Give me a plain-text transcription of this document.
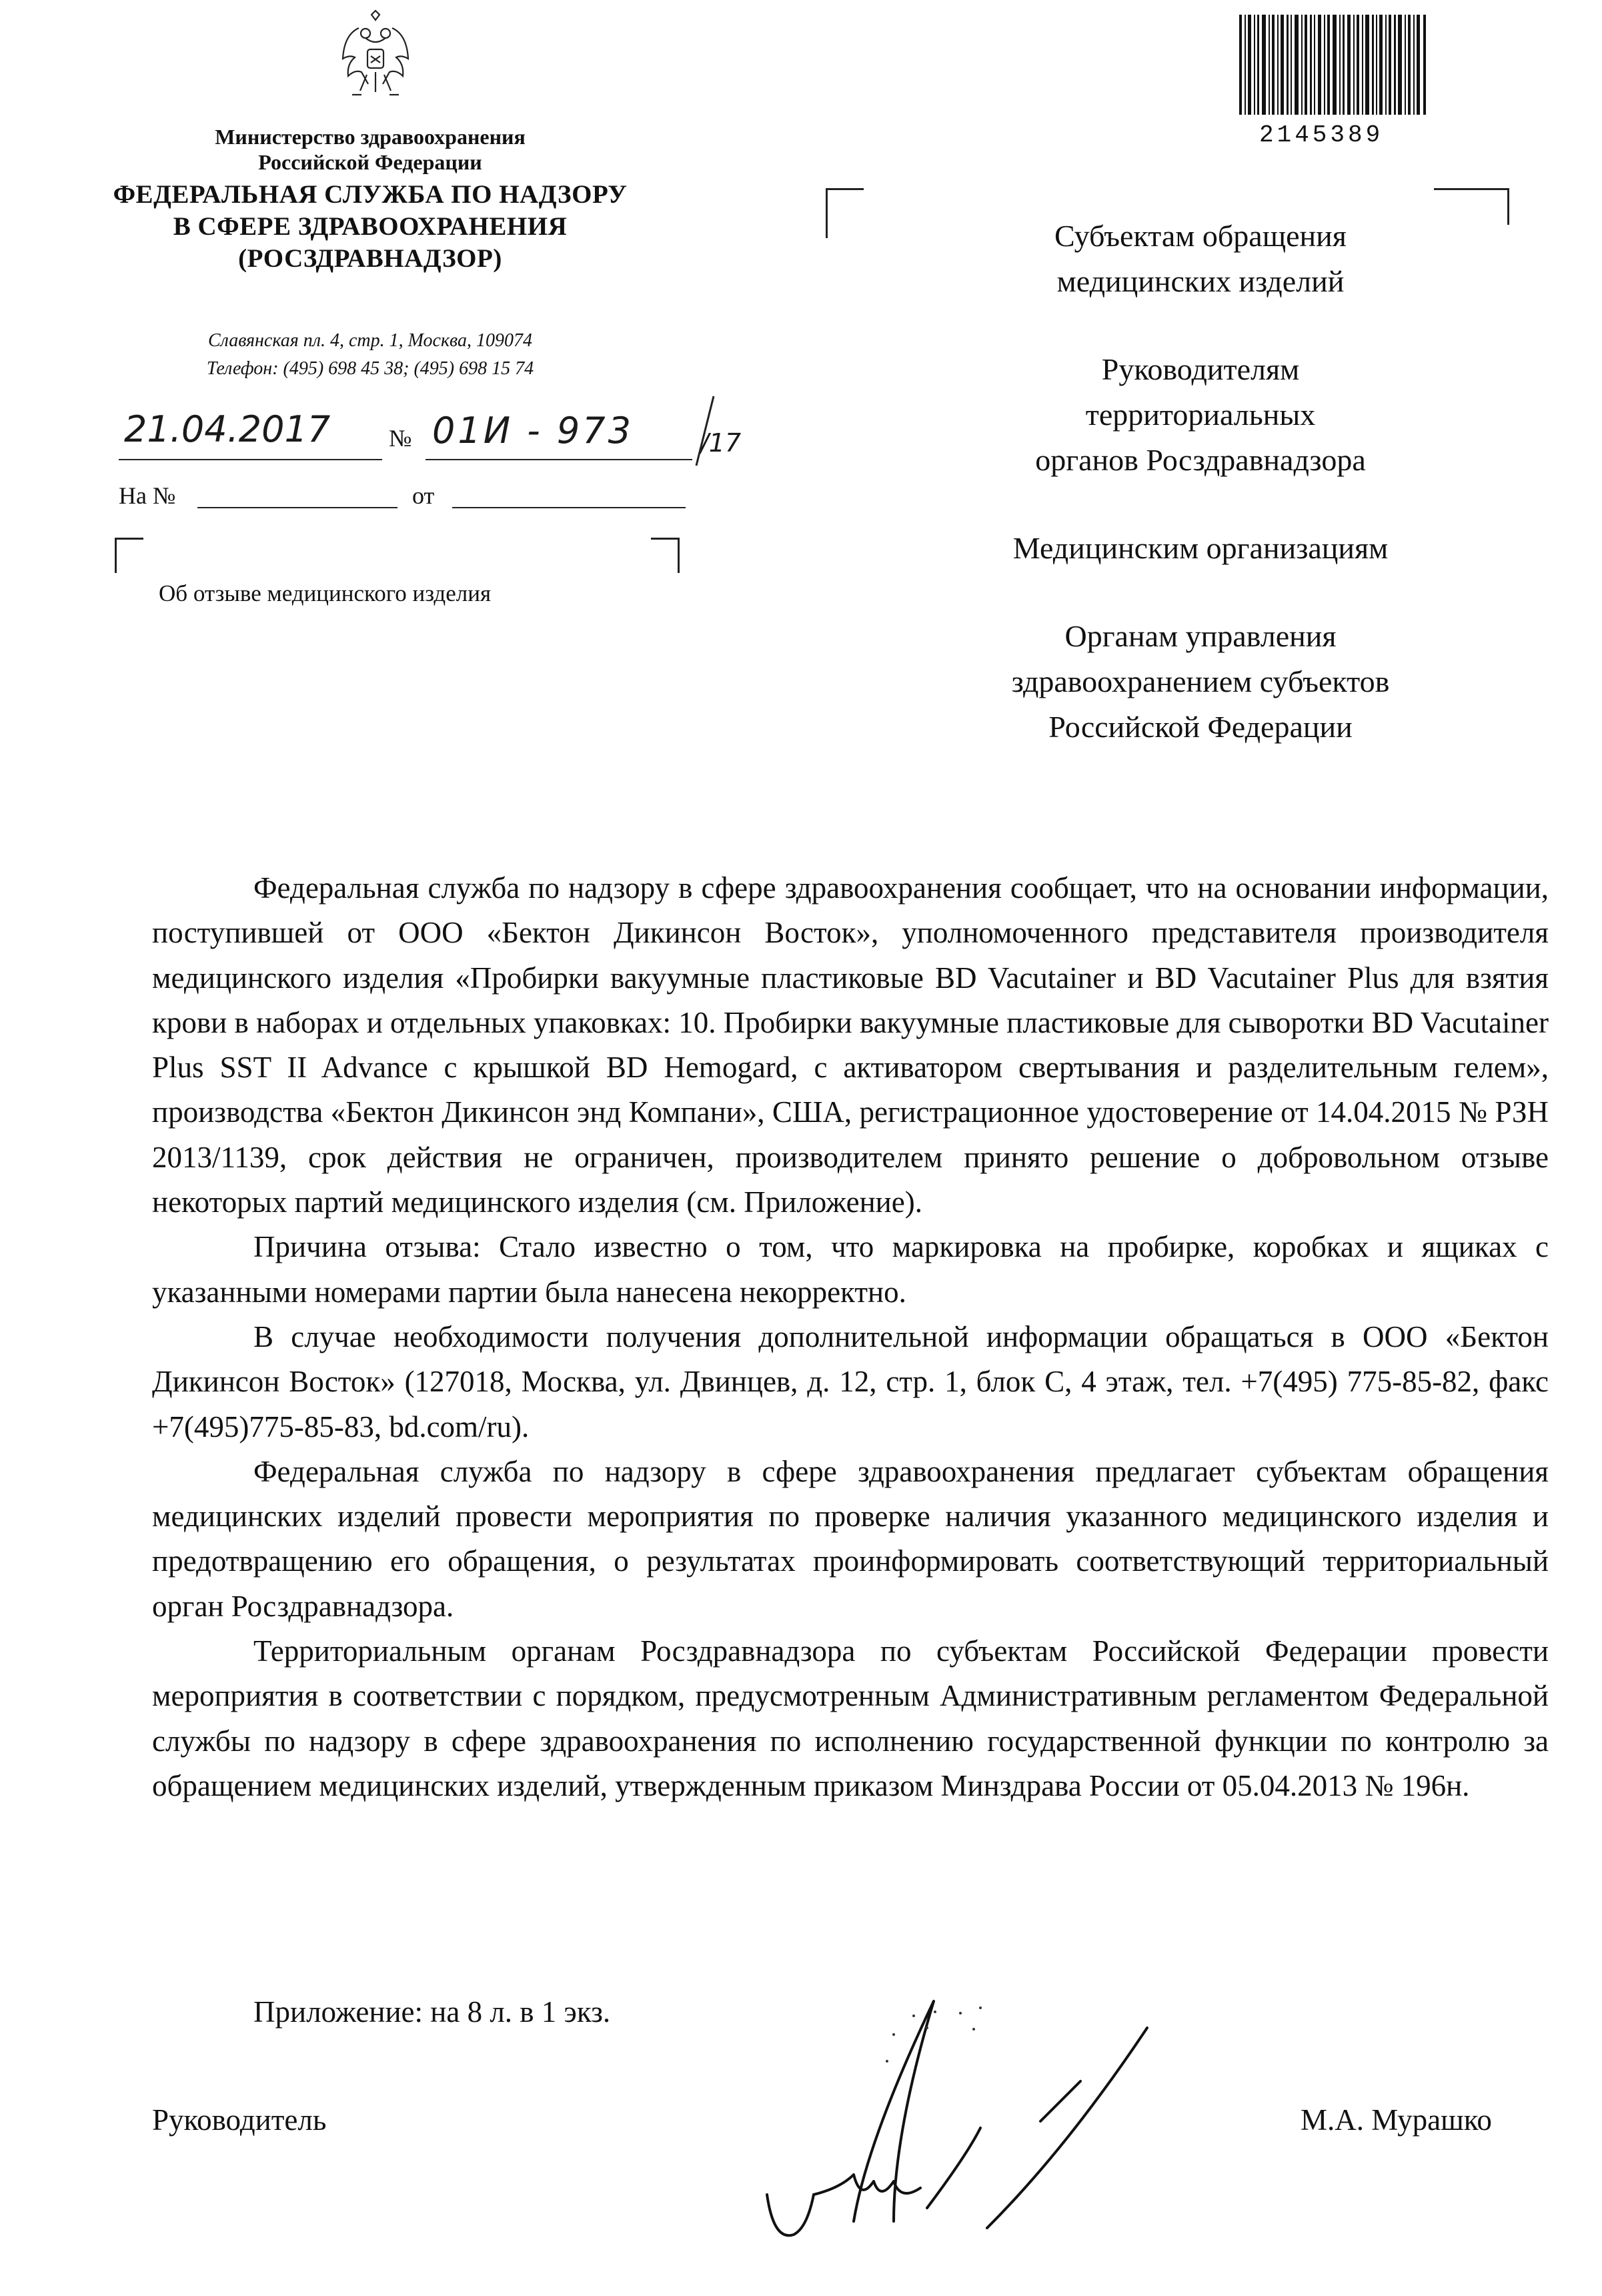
Министерство здравоохранения
Российской Федерации
ФЕДЕРАЛЬНАЯ СЛУЖБА ПО НАДЗОРУ
В СФЕРЕ ЗДРАВООХРАНЕНИЯ
(РОСЗДРАВНАДЗОР)
Славянская пл. 4, стр. 1, Москва, 109074
Телефон: (495) 698 45 38; (495) 698 15 74
21.04.2017 № 01И - 973	/17
На №	от
Об отзыве медицинского изделия
2145389

Субъектам обращения
медицинских изделий

Руководителям
территориальных
органов Росздравнадзора

Медицинским организациям

Органам управления
здравоохранением субъектов
Российской Федерации

Федеральная служба по надзору в сфере здравоохранения сообщает, что на основании информации, поступившей от ООО «Бектон Дикинсон Восток», уполномоченного представителя производителя медицинского изделия «Пробирки вакуумные пластиковые BD Vacutainer и BD Vacutainer Plus для взятия крови в наборах и отдельных упаковках: 10. Пробирки вакуумные пластиковые для сыворотки BD Vacutainer Plus SST II Advance с крышкой BD Hemogard, с активатором свертывания и разделительным гелем», производства «Бектон Дикинсон энд Компани», США, регистрационное удостоверение от 14.04.2015 № РЗН 2013/1139, срок действия не ограничен, производителем принято решение о добровольном отзыве некоторых партий медицинского изделия (см. Приложение).

Причина отзыва: Стало известно о том, что маркировка на пробирке, коробках и ящиках с указанными номерами партии была нанесена некорректно.

В случае необходимости получения дополнительной информации обращаться в ООО «Бектон Дикинсон Восток» (127018, Москва, ул. Двинцев, д. 12, стр. 1, блок С, 4 этаж, тел. +7(495) 775-85-82, факс +7(495)775-85-83, bd.com/ru).

Федеральная служба по надзору в сфере здравоохранения предлагает субъектам обращения медицинских изделий провести мероприятия по проверке наличия указанного медицинского изделия и предотвращению его обращения, о результатах проинформировать соответствующий территориальный орган Росздравнадзора.

Территориальным органам Росздравнадзора по субъектам Российской Федерации провести мероприятия в соответствии с порядком, предусмотренным Административным регламентом Федеральной службы по надзору в сфере здравоохранения по исполнению государственной функции по контролю за обращением медицинских изделий, утвержденным приказом Минздрава России от 05.04.2013 № 196н.

Приложение: на 8 л. в 1 экз.
Руководитель	М.А. Мурашко
